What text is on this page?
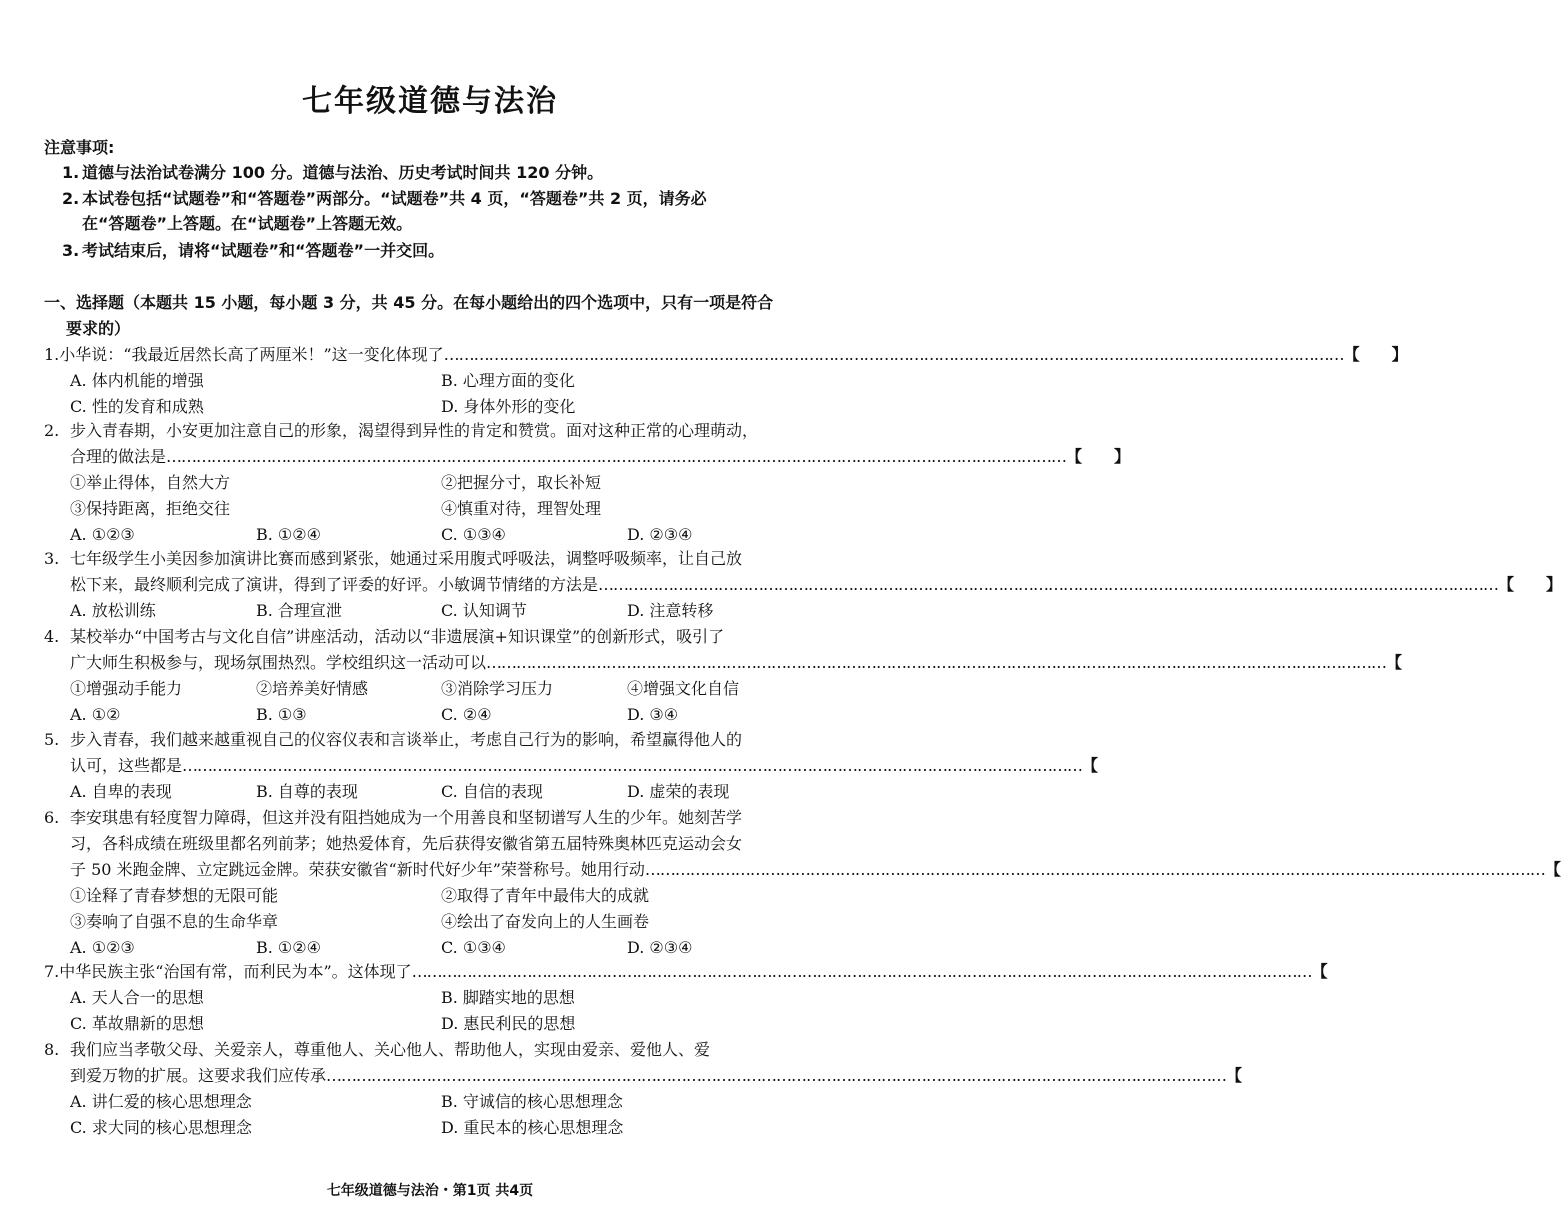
七年级道德与法治
注意事项:
1. 道德与法治试卷满分 100 分。道德与法治、历史考试时间共 120 分钟。
2. 本试卷包括“试题卷”和“答题卷”两部分。“试题卷”共 4 页，“答题卷”共 2 页，请务必
在“答题卷”上答题。在“试题卷”上答题无效。
3. 考试结束后，请将“试题卷”和“答题卷”一并交回。
一、选择题（本题共 15 小题，每小题 3 分，共 45 分。在每小题给出的四个选项中，只有一项是符合
要求的）
1. 小华说：“我最近居然长高了两厘米！”这一变化体现了 ……………………………………………………………………………………………………………………………………………………………… 【　　】
A. 体内机能的增强	B. 心理方面的变化
C. 性的发育和成熟	D. 身体外形的变化
2. 步入青春期，小安更加注意自己的形象，渴望得到异性的肯定和赞赏。面对这种正常的心理萌动，
合理的做法是 ……………………………………………………………………………………………………………………………………………………………… 【　　】
①举止得体，自然大方	②把握分寸，取长补短
③保持距离，拒绝交往	④慎重对待，理智处理
A. ①②③	B. ①②④	C. ①③④	D. ②③④
3. 七年级学生小美因参加演讲比赛而感到紧张，她通过采用腹式呼吸法，调整呼吸频率，让自己放
松下来，最终顺利完成了演讲，得到了评委的好评。小敏调节情绪的方法是 ……………………………………………………………………………………………………………………………………………………………… 【　　】
A. 放松训练	B. 合理宣泄	C. 认知调节	D. 注意转移
4. 某校举办“中国考古与文化自信”讲座活动，活动以“非遗展演+知识课堂”的创新形式，吸引了
广大师生积极参与，现场氛围热烈。学校组织这一活动可以 ……………………………………………………………………………………………………………………………………………………………… 【
①增强动手能力	②培养美好情感	③消除学习压力	④增强文化自信
A. ①②	B. ①③	C. ②④	D. ③④
5. 步入青春，我们越来越重视自己的仪容仪表和言谈举止，考虑自己行为的影响，希望赢得他人的
认可，这些都是 ……………………………………………………………………………………………………………………………………………………………… 【
A. 自卑的表现	B. 自尊的表现	C. 自信的表现	D. 虚荣的表现
6. 李安琪患有轻度智力障碍，但这并没有阻挡她成为一个用善良和坚韧谱写人生的少年。她刻苦学
习，各科成绩在班级里都名列前茅；她热爱体育，先后获得安徽省第五届特殊奥林匹克运动会女
子 50 米跑金牌、立定跳远金牌。荣获安徽省“新时代好少年”荣誉称号。她用行动 ……………………………………………………………………………………………………………………………………………………………… 【
①诠释了青春梦想的无限可能	②取得了青年中最伟大的成就
③奏响了自强不息的生命华章	④绘出了奋发向上的人生画卷
A. ①②③	B. ①②④	C. ①③④	D. ②③④
7. 中华民族主张“治国有常，而利民为本”。这体现了 ……………………………………………………………………………………………………………………………………………………………… 【
A. 天人合一的思想	B. 脚踏实地的思想
C. 革故鼎新的思想	D. 惠民利民的思想
8. 我们应当孝敬父母、关爱亲人，尊重他人、关心他人、帮助他人，实现由爱亲、爱他人、爱
到爱万物的扩展。这要求我们应传承 ……………………………………………………………………………………………………………………………………………………………… 【
A. 讲仁爱的核心思想理念	B. 守诚信的核心思想理念
C. 求大同的核心思想理念	D. 重民本的核心思想理念
七年级道德与法治・第1页 共4页
